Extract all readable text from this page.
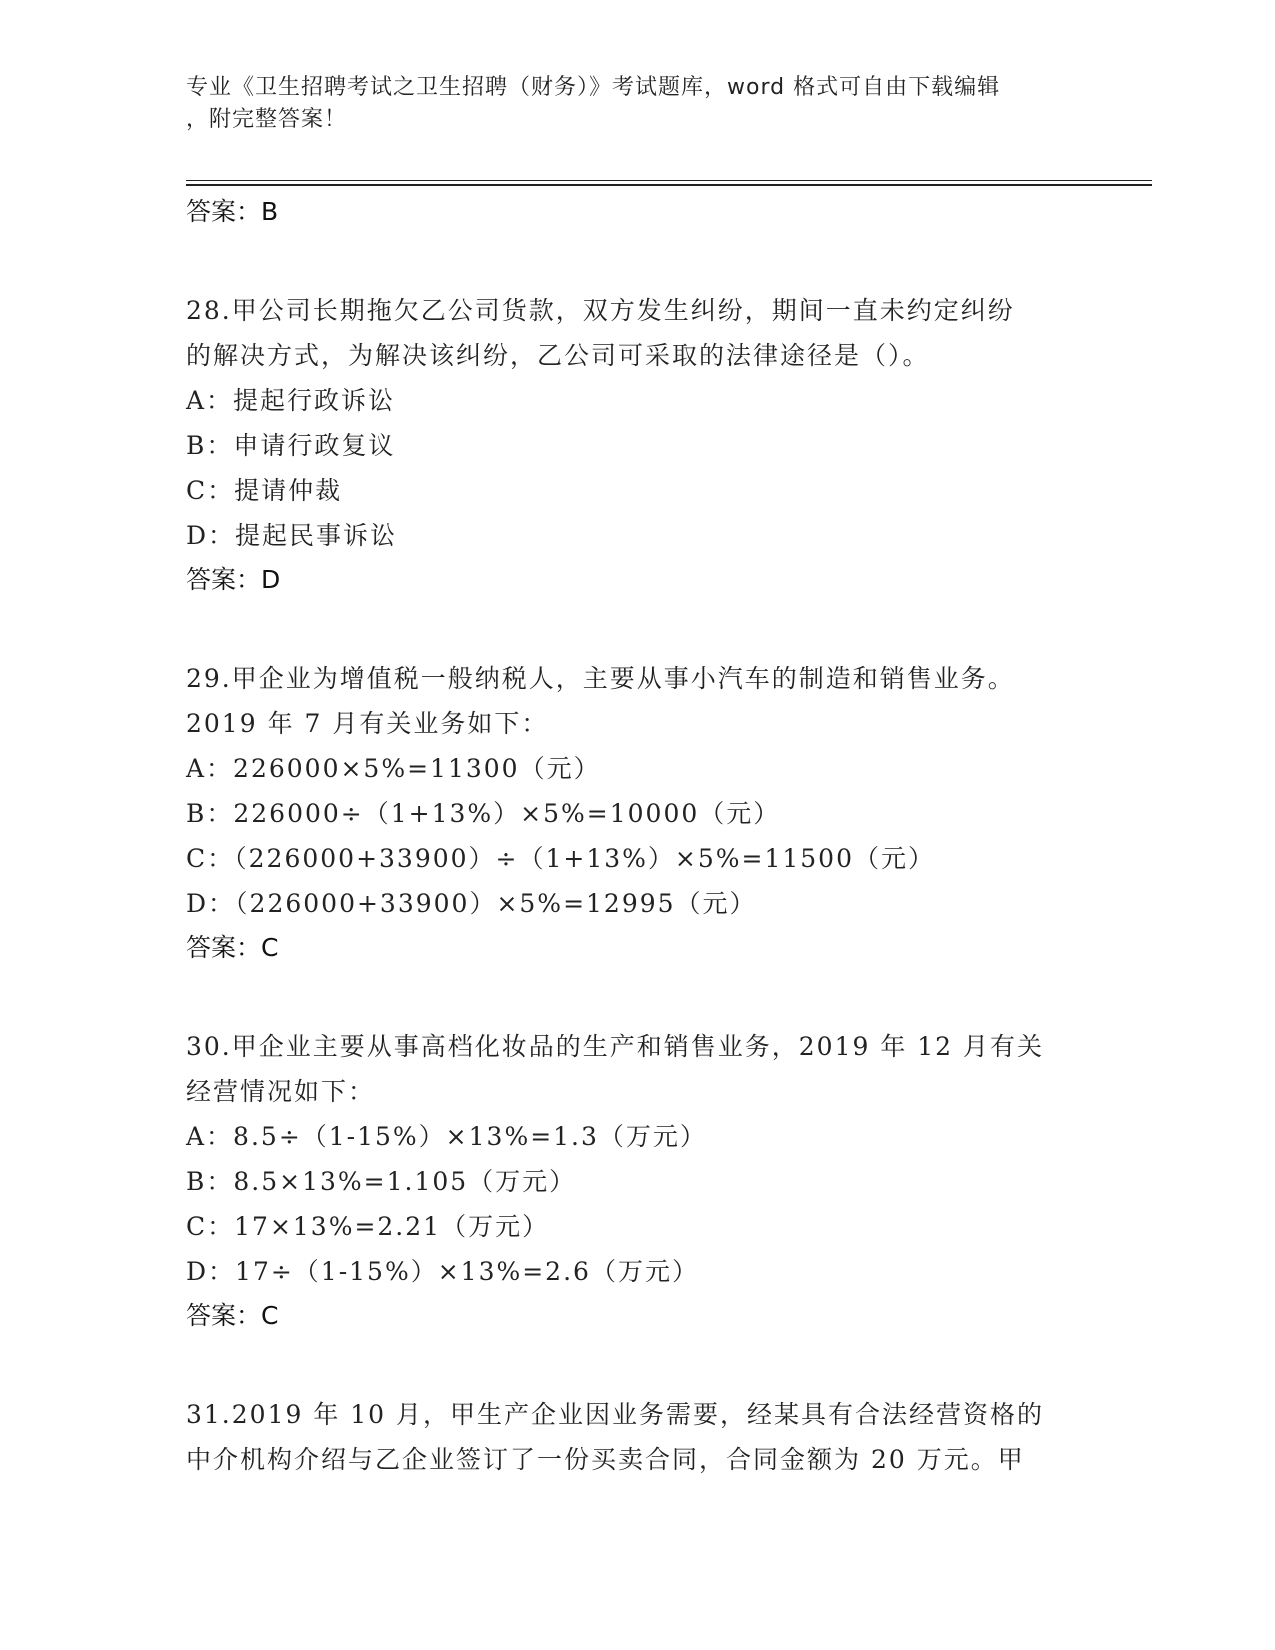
专业《卫生招聘考试之卫生招聘（财务）》考试题库，word 格式可自由下载编辑
，附完整答案！
答案：B
28.甲公司长期拖欠乙公司货款，双方发生纠纷，期间一直未约定纠纷
的解决方式，为解决该纠纷，乙公司可采取的法律途径是（）。
A：提起行政诉讼
B：申请行政复议
C：提请仲裁
D：提起民事诉讼
答案：D
29.甲企业为增值税一般纳税人，主要从事小汽车的制造和销售业务。
2019 年 7 月有关业务如下：
A：226000×5%=11300（元）
B：226000÷（1+13%）×5%=10000（元）
C：（226000+33900）÷（1+13%）×5%=11500（元）
D：（226000+33900）×5%=12995（元）
答案：C
30.甲企业主要从事高档化妆品的生产和销售业务，2019 年 12 月有关
经营情况如下：
A：8.5÷（1-15%）×13%=1.3（万元）
B：8.5×13%=1.105（万元）
C：17×13%=2.21（万元）
D：17÷（1-15%）×13%=2.6（万元）
答案：C
31.2019 年 10 月，甲生产企业因业务需要，经某具有合法经营资格的
中介机构介绍与乙企业签订了一份买卖合同，合同金额为 20 万元。甲
